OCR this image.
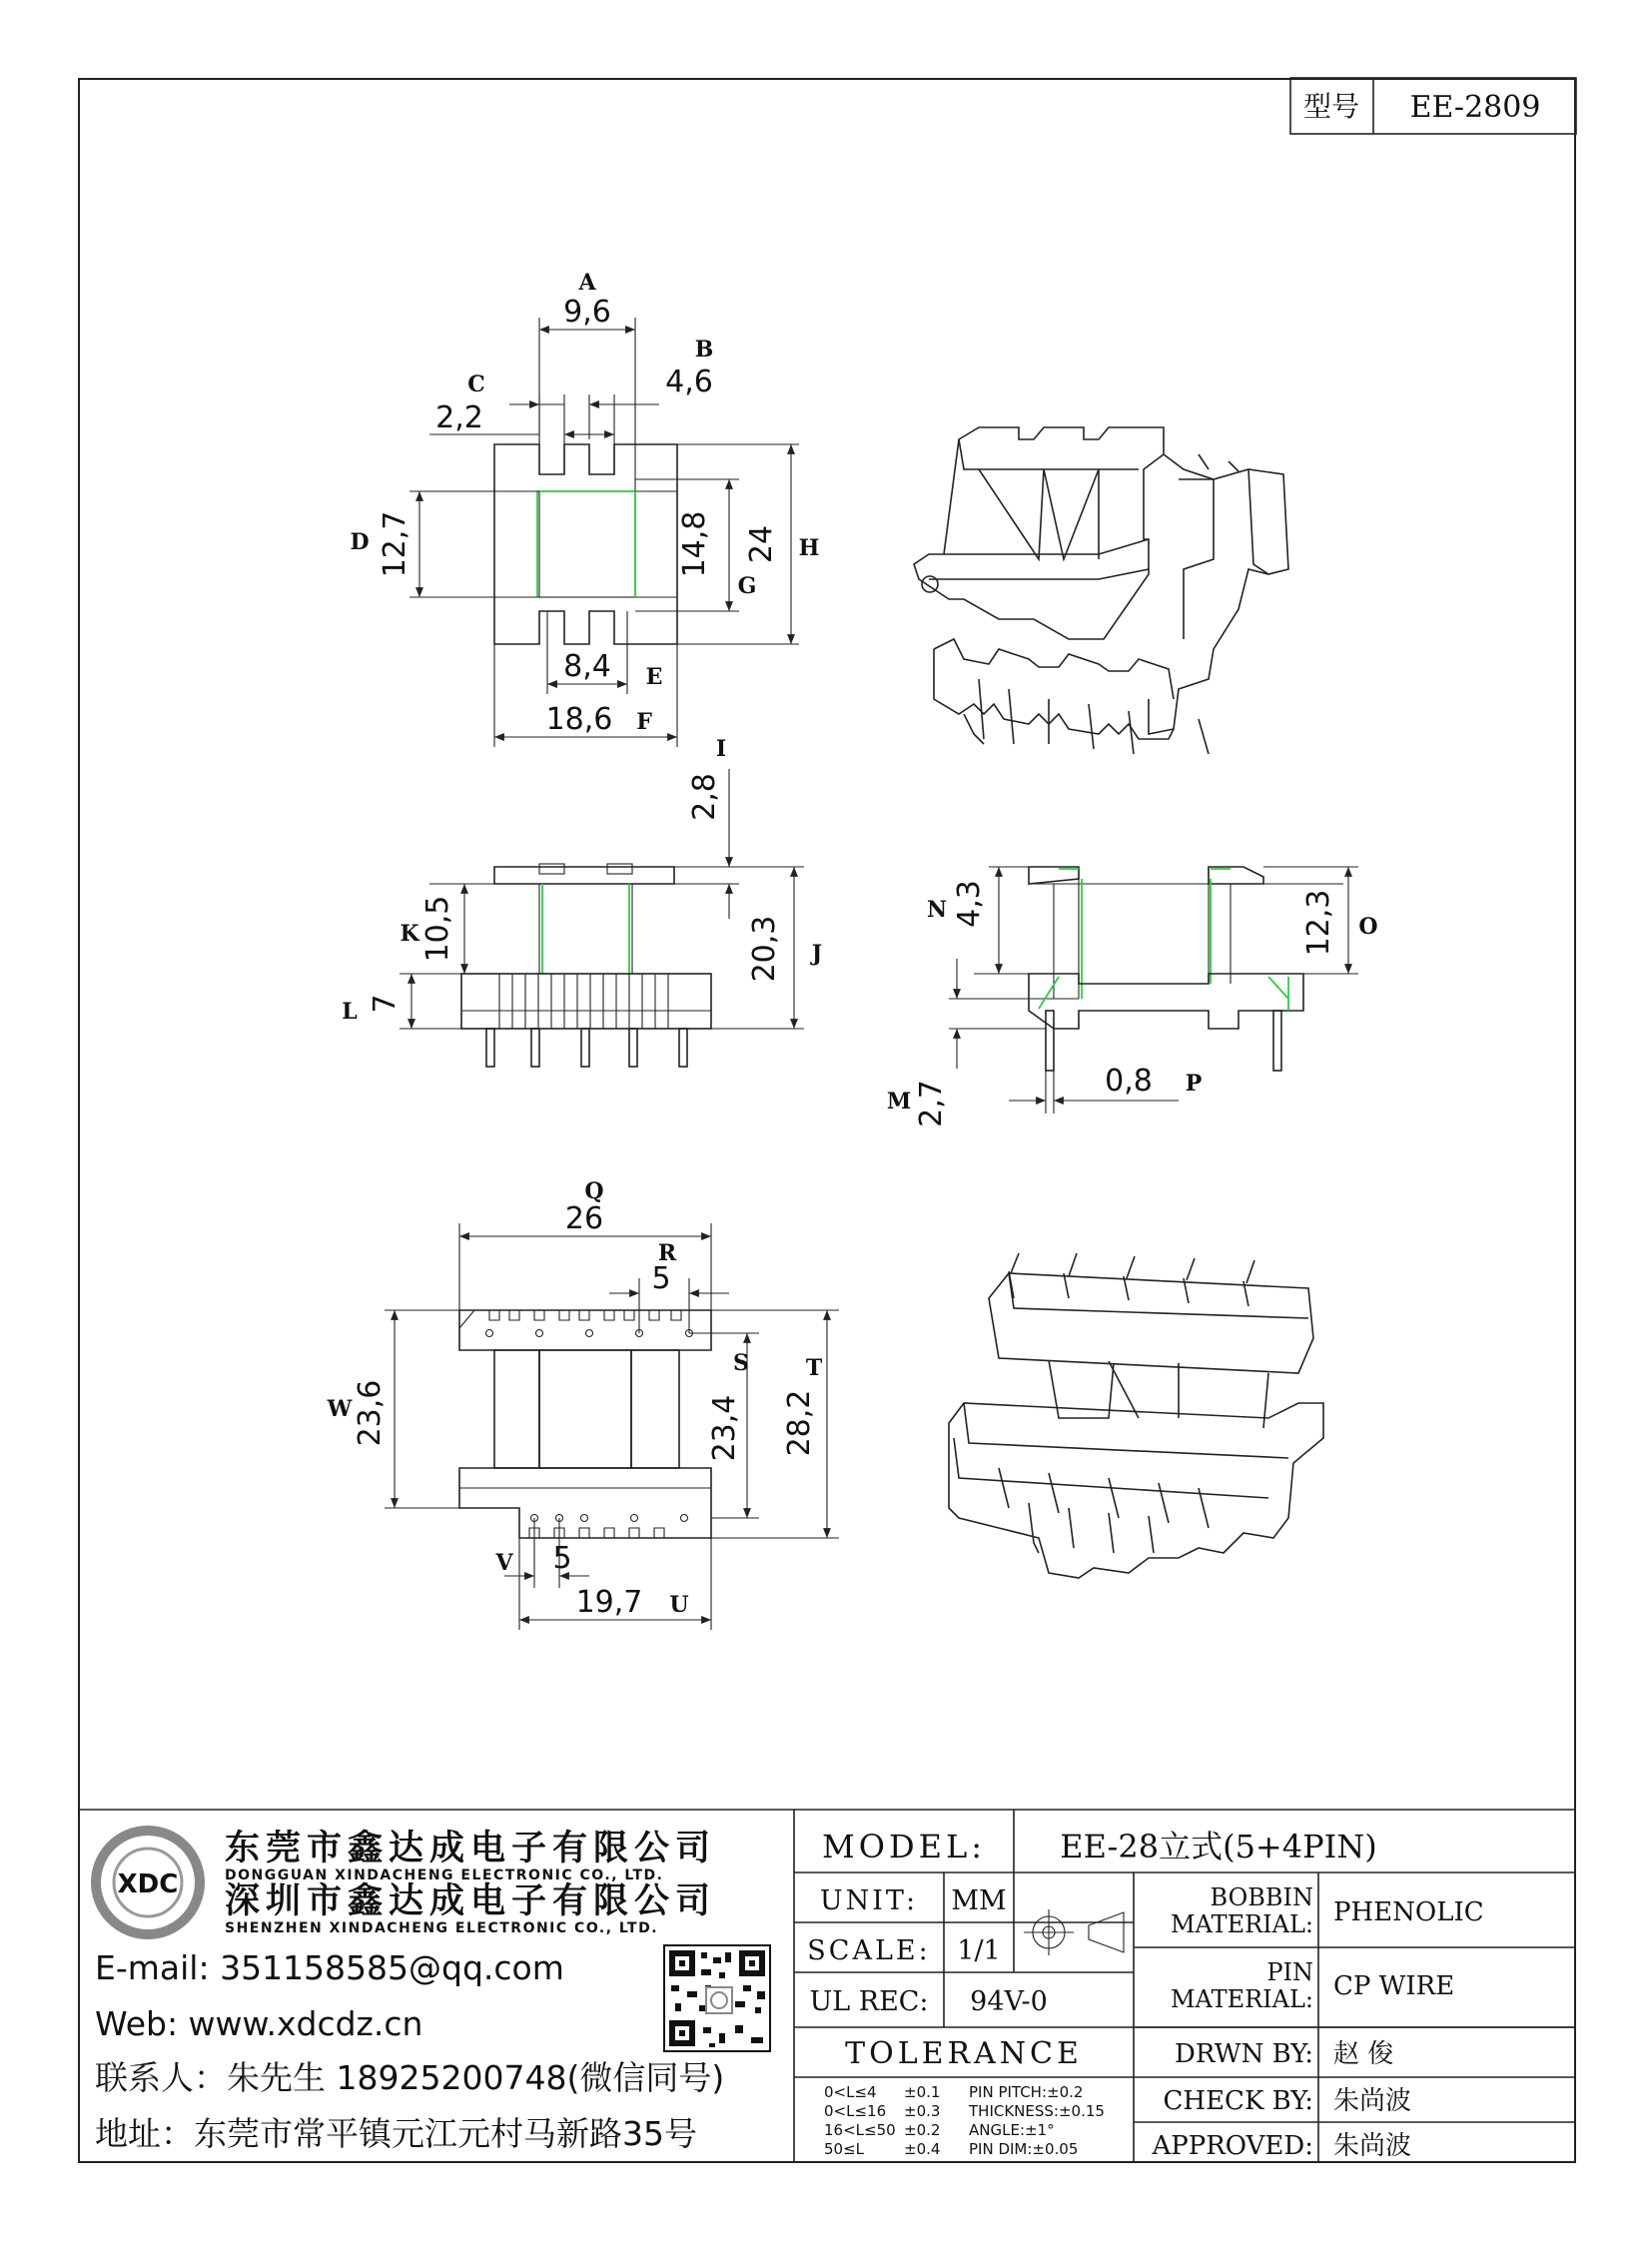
型号 EE-2809
A
9,6
B
4,6
C
2,2
D 12,7	14,8
G
24 H
8,4 E
18,6 F
I
2,8
20,3 J
K 10,5
L 7
N 4,3	12,3 O
M 2,7	0,8 P
Q
26
R
5
23,4
S
28,2
T
W 23,6
V 5
19,7 U
MODEL: EE-28立式(5+4PIN)
UNIT: MM
SCALE: 1/1
UL REC: 94V-0
TOLERANCE
0<L≤4 ±0.1 PIN PITCH:±0.2
0<L≤16 ±0.3 THICKNESS:±0.15
16<L≤50 ±0.2 ANGLE:±1°
50≤L	±0.4 PIN DIM:±0.05
BOBBIN
MATERIAL: PHENOLIC
PIN
MATERIAL: CP WIRE
DRWN BY: 赵 俊
CHECK BY: 朱尚波
APPROVED: 朱尚波
XDC
东莞市鑫达成电子有限公司
DONGGUAN XINDACHENG ELECTRONIC CO., LTD.
深圳市鑫达成电子有限公司
SHENZHEN XINDACHENG ELECTRONIC CO., LTD.
E-mail: 351158585@qq.com
Web: www.xdcdz.cn
联系人：朱先生 18925200748(微信同号)
地址：东莞市常平镇元江元村马新路35号
